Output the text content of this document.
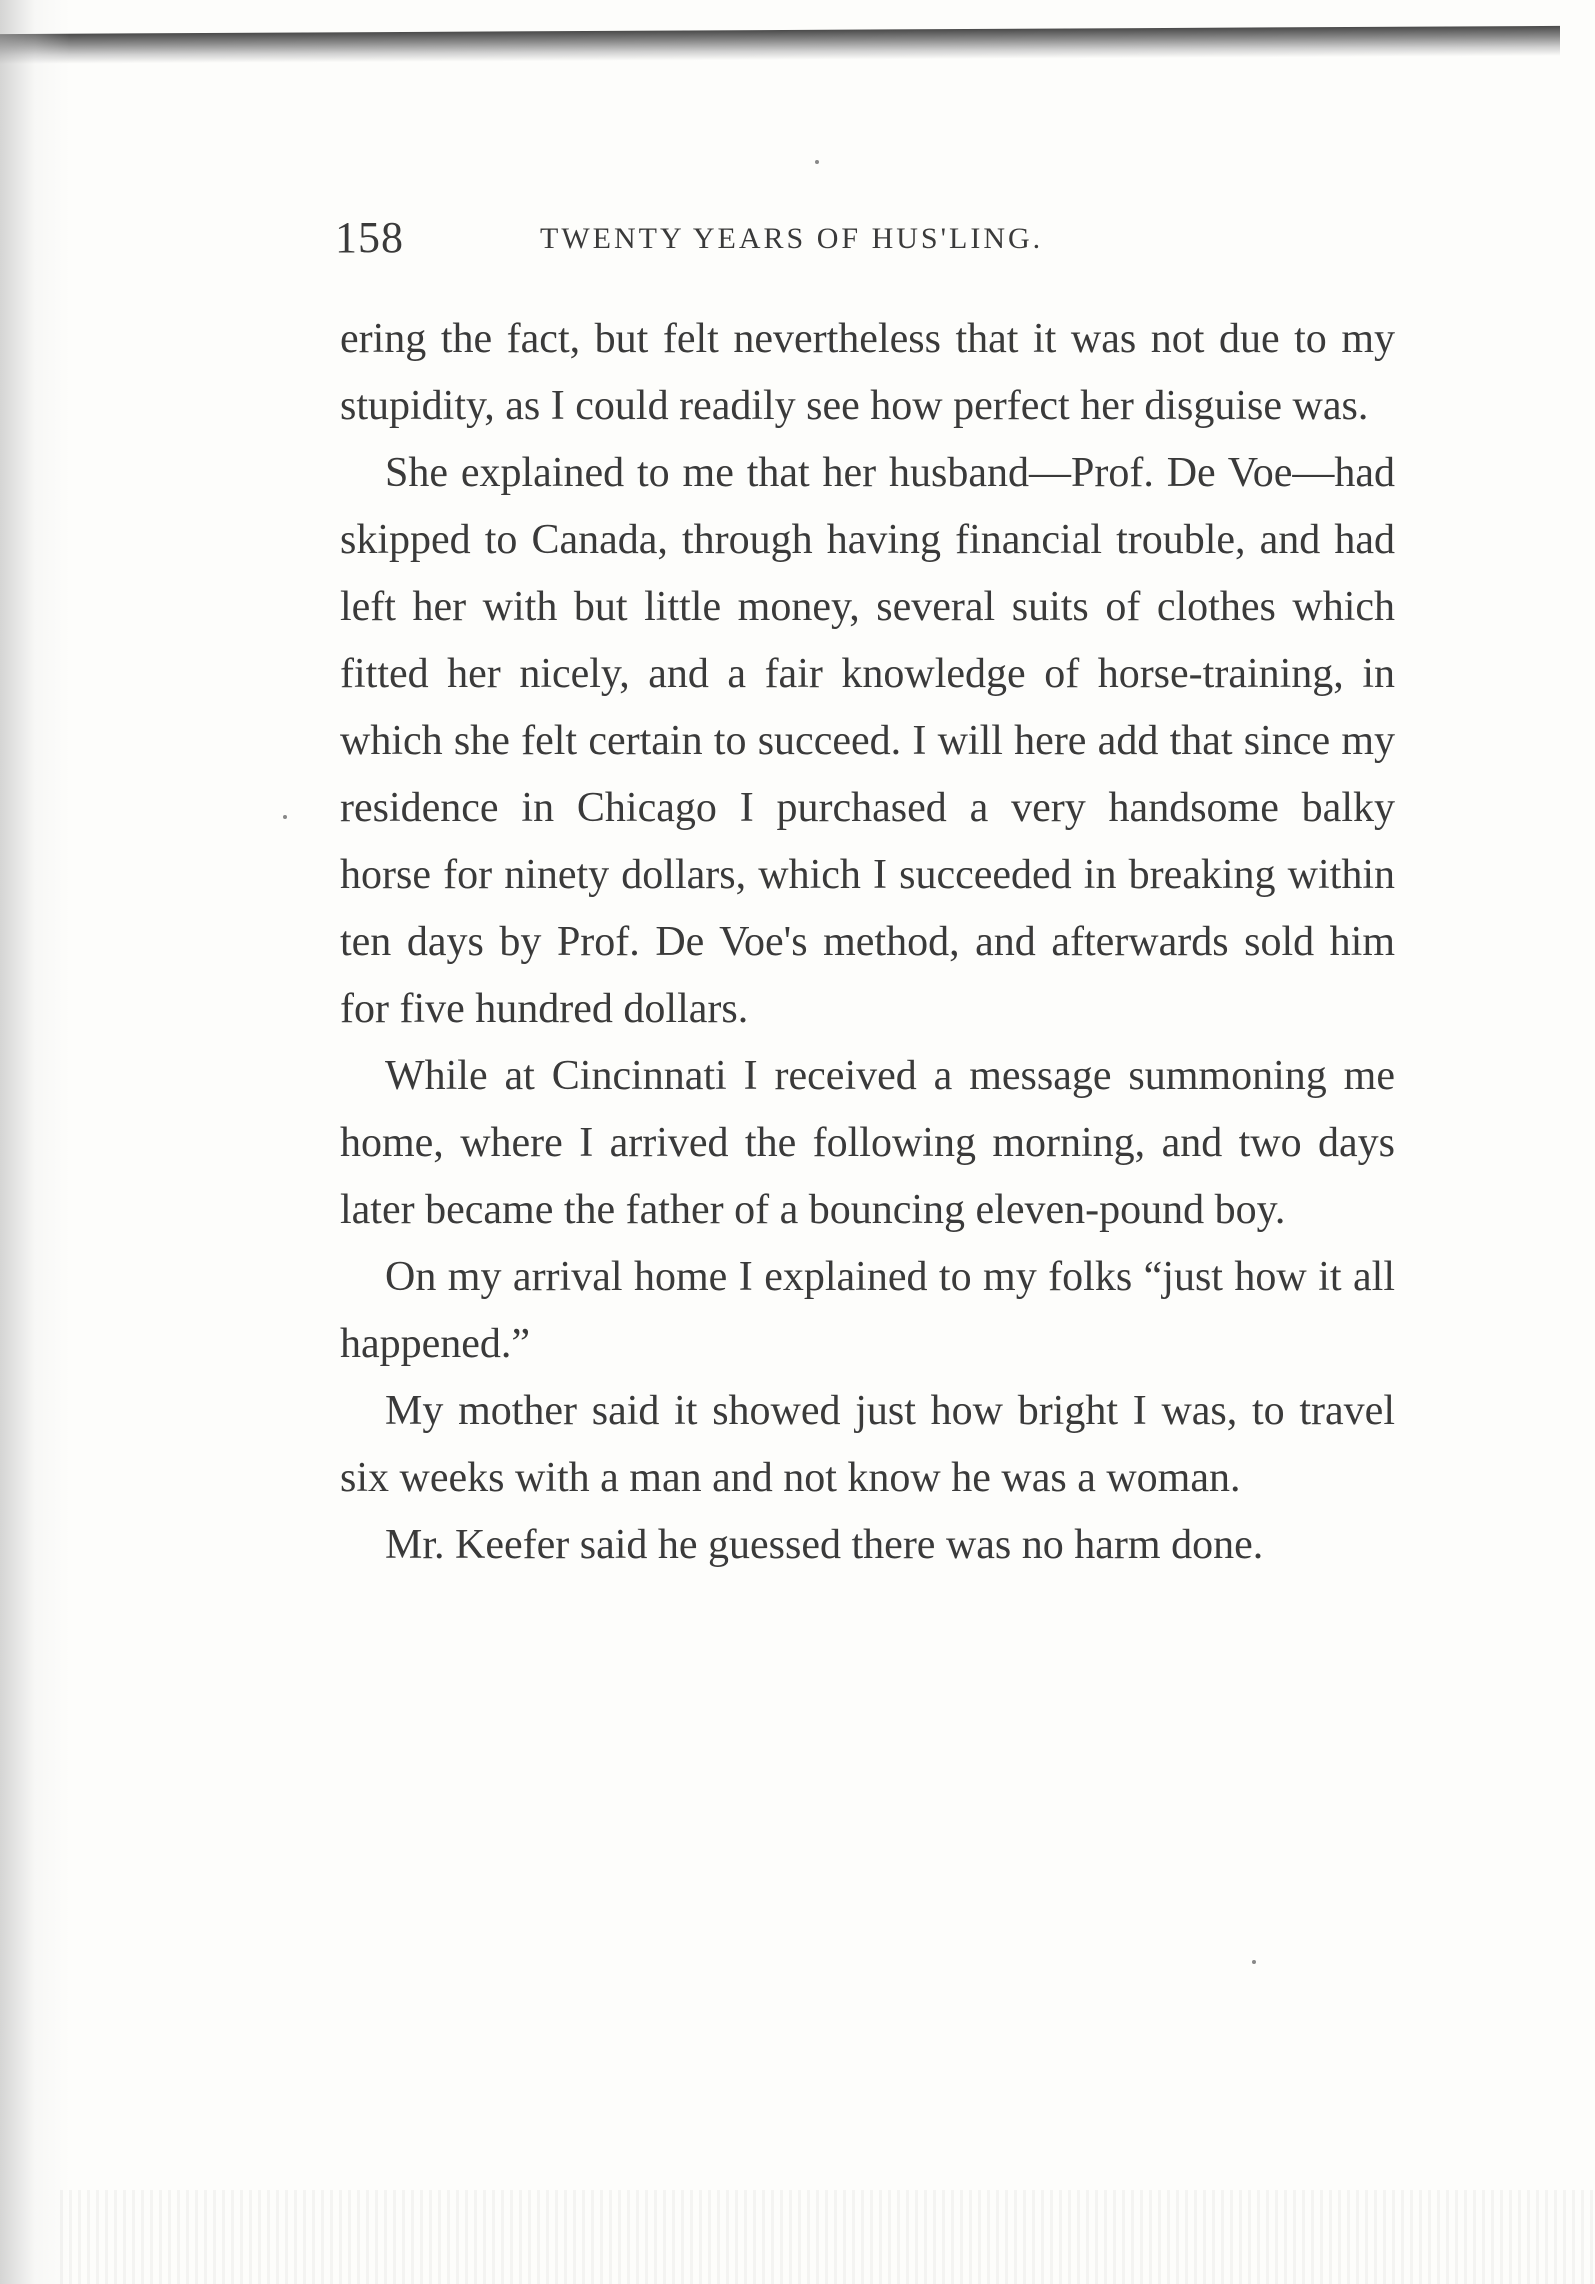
158	TWENTY YEARS OF HUS'LING.

ering the fact, but felt nevertheless that it was not due to my stupidity, as I could readily see how perfect her disguise was.

She explained to me that her husband—Prof. De Voe—had skipped to Canada, through having financial trouble, and had left her with but little money, several suits of clothes which fitted her nicely, and a fair knowledge of horse-training, in which she felt certain to succeed. I will here add that since my residence in Chicago I purchased a very handsome balky horse for ninety dollars, which I succeeded in breaking within ten days by Prof. De Voe's method, and afterwards sold him for five hundred dollars.

While at Cincinnati I received a message summoning me home, where I arrived the following morning, and two days later became the father of a bouncing eleven-pound boy.

On my arrival home I explained to my folks “just how it all happened.”

My mother said it showed just how bright I was, to travel six weeks with a man and not know he was a woman.

Mr. Keefer said he guessed there was no harm done.
